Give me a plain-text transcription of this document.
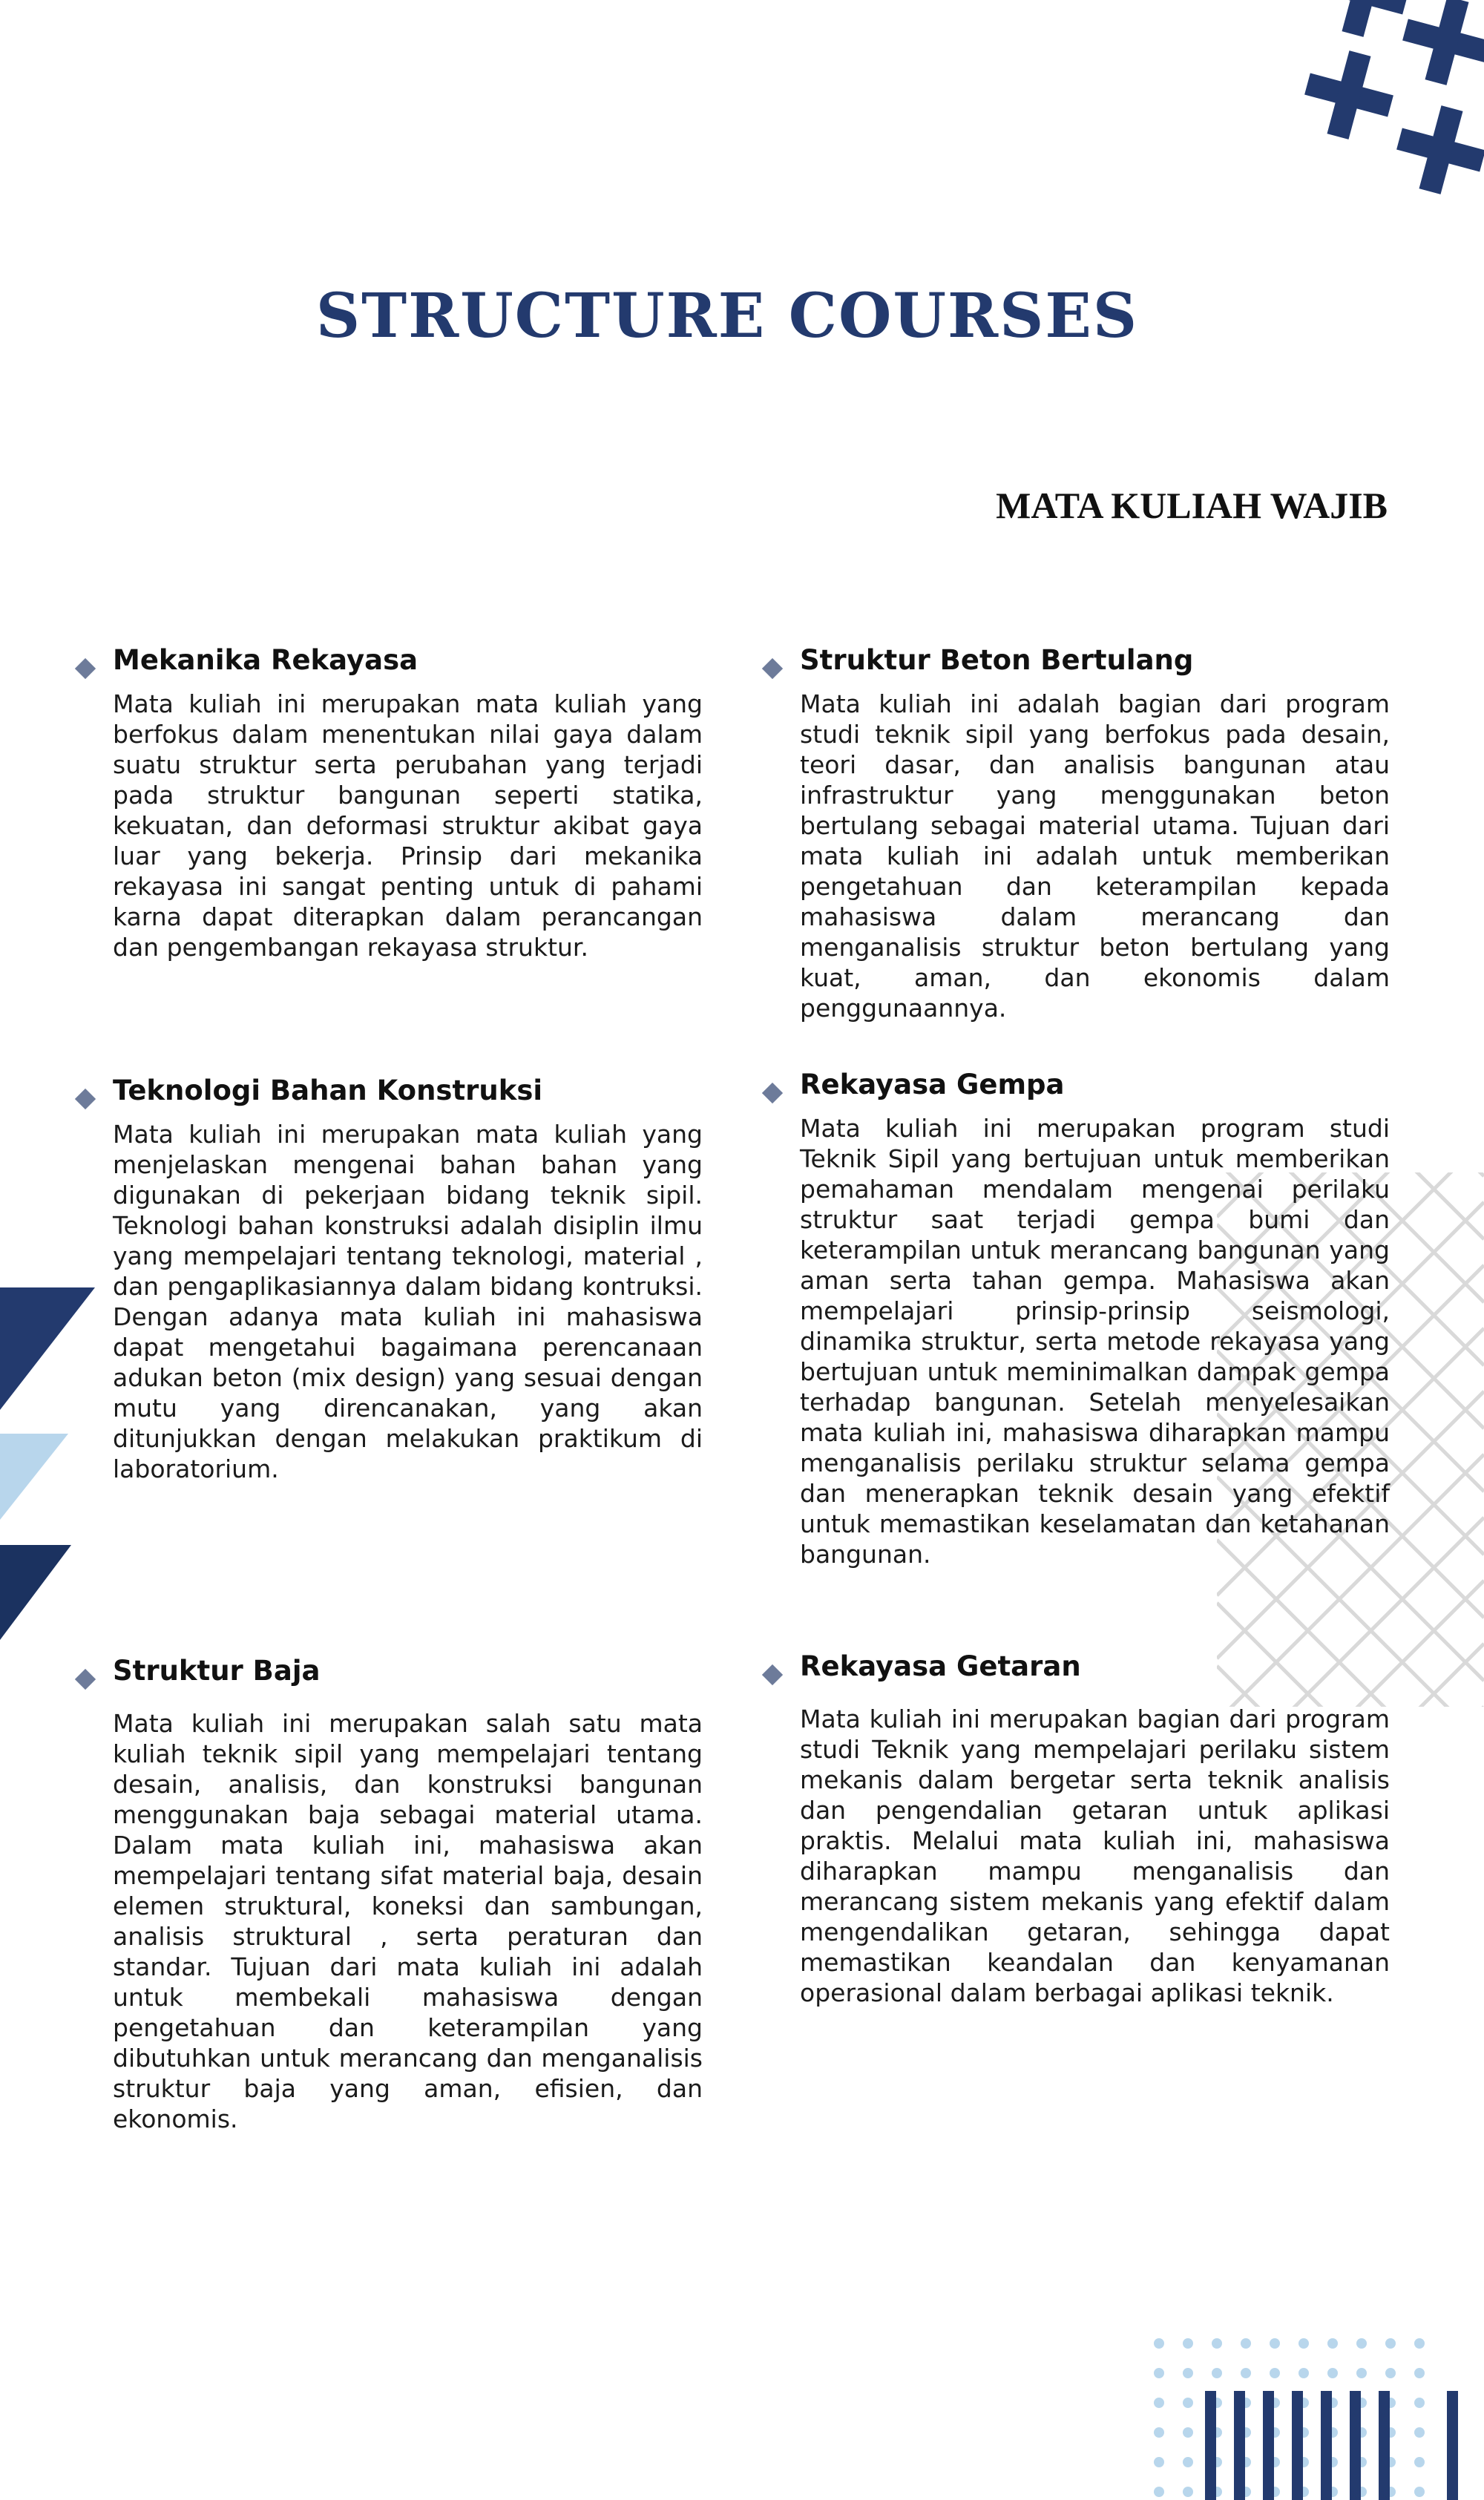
STRUCTURE COURSES
MATA KULIAH WAJIB
Mekanika Rekayasa

Mata kuliah ini merupakan mata kuliah yang berfokus dalam menentukan nilai gaya dalam suatu struktur serta perubahan yang terjadi pada struktur bangunan seperti statika, kekuatan, dan deformasi struktur akibat gaya luar yang bekerja. Prinsip dari mekanika rekayasa ini sangat penting untuk di pahami karna dapat diterapkan dalam perancangan dan pengembangan rekayasa struktur.

Struktur Beton Bertulang

Mata kuliah ini adalah bagian dari program studi teknik sipil yang berfokus pada desain, teori dasar, dan analisis bangunan atau infrastruktur yang menggunakan beton bertulang sebagai material utama. Tujuan dari mata kuliah ini adalah untuk memberikan pengetahuan dan keterampilan kepada mahasiswa dalam merancang dan menganalisis struktur beton bertulang yang kuat, aman, dan ekonomis dalam penggunaannya.

Teknologi Bahan Konstruksi

Mata kuliah ini merupakan mata kuliah yang menjelaskan mengenai bahan bahan yang digunakan di pekerjaan bidang teknik sipil. Teknologi bahan konstruksi adalah disiplin ilmu yang mempelajari tentang teknologi, material , dan pengaplikasiannya dalam bidang kontruksi. Dengan adanya mata kuliah ini mahasiswa dapat mengetahui bagaimana perencanaan adukan beton (mix design) yang sesuai dengan mutu yang direncanakan, yang akan ditunjukkan dengan melakukan praktikum di laboratorium.

Rekayasa Gempa

Mata kuliah ini merupakan program studi Teknik Sipil yang bertujuan untuk memberikan pemahaman mendalam mengenai perilaku struktur saat terjadi gempa bumi dan keterampilan untuk merancang bangunan yang aman serta tahan gempa. Mahasiswa akan mempelajari prinsip-prinsip seismologi, dinamika struktur, serta metode rekayasa yang bertujuan untuk meminimalkan dampak gempa terhadap bangunan. Setelah menyelesaikan mata kuliah ini, mahasiswa diharapkan mampu menganalisis perilaku struktur selama gempa dan menerapkan teknik desain yang efektif untuk memastikan keselamatan dan ketahanan bangunan.

Struktur Baja

Mata kuliah ini merupakan salah satu mata kuliah teknik sipil yang mempelajari tentang desain, analisis, dan konstruksi bangunan menggunakan baja sebagai material utama. Dalam mata kuliah ini, mahasiswa akan mempelajari tentang sifat material baja, desain elemen struktural, koneksi dan sambungan, analisis struktural , serta peraturan dan standar. Tujuan dari mata kuliah ini adalah untuk membekali mahasiswa dengan pengetahuan dan keterampilan yang dibutuhkan untuk merancang dan menganalisis struktur baja yang aman, efisien, dan ekonomis.

Rekayasa Getaran

Mata kuliah ini merupakan bagian dari program studi Teknik yang mempelajari perilaku sistem mekanis dalam bergetar serta teknik analisis dan pengendalian getaran untuk aplikasi praktis. Melalui mata kuliah ini, mahasiswa diharapkan mampu menganalisis dan merancang sistem mekanis yang efektif dalam mengendalikan getaran, sehingga dapat memastikan keandalan dan kenyamanan operasional dalam berbagai aplikasi teknik.
